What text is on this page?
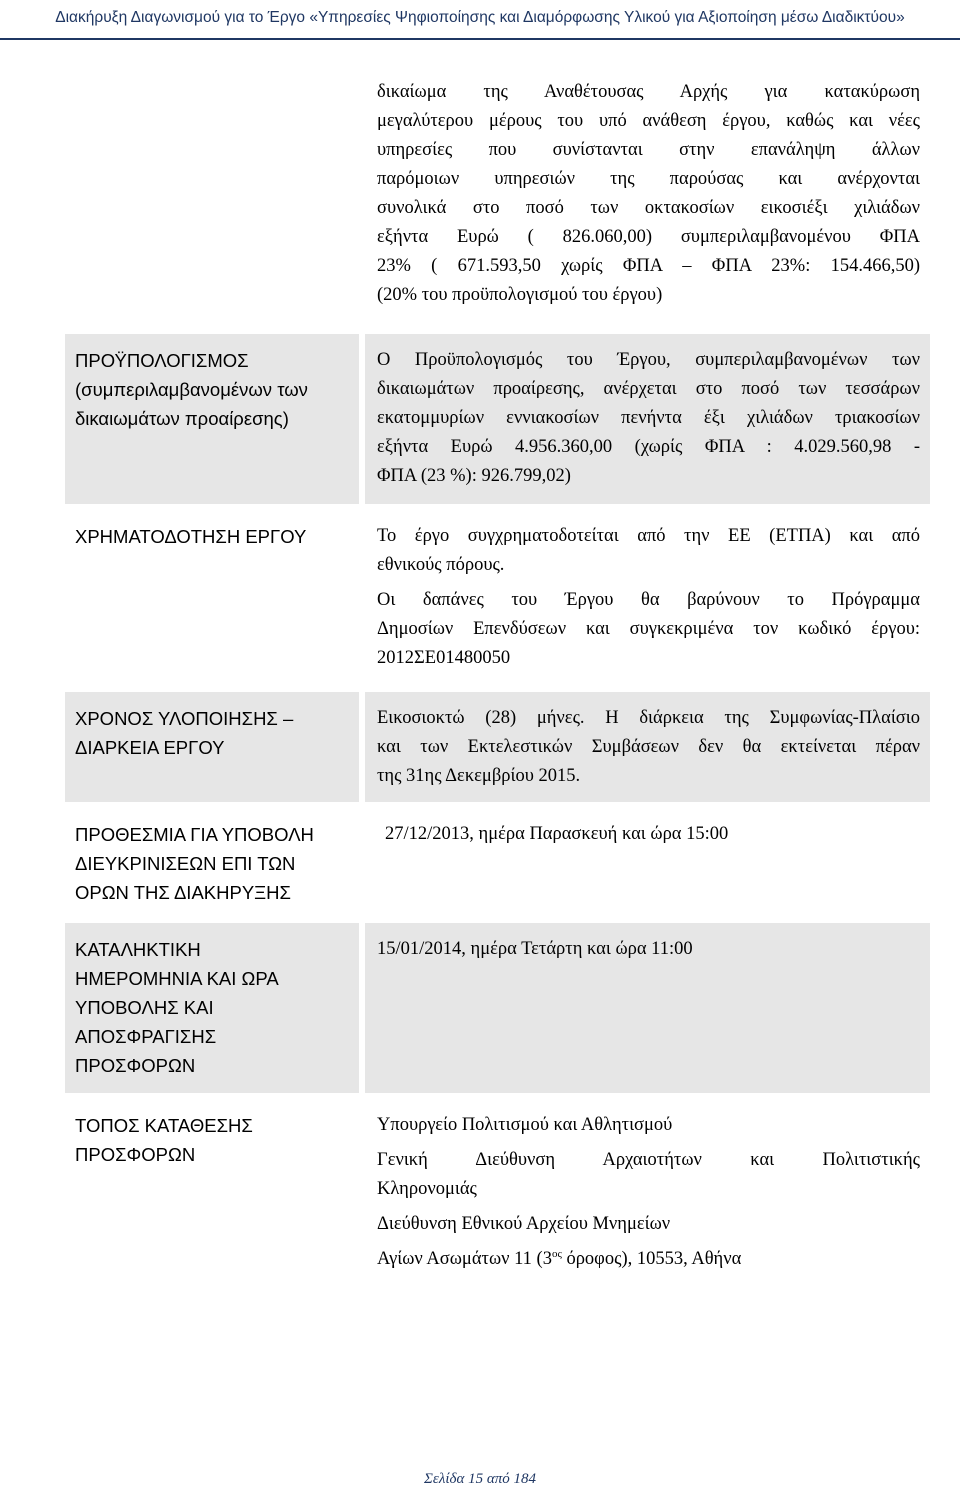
Διακήρυξη Διαγωνισμού για το Έργο «Υπηρεσίες Ψηφιοποίησης και Διαμόρφωσης Υλικού για Αξιοποίηση μέσω Διαδικτύου»
δικαίωμα της Αναθέτουσας Αρχής για κατακύρωση
μεγαλύτερου μέρους του υπό ανάθεση έργου, καθώς και νέες
υπηρεσίες που συνίστανται στην επανάληψη άλλων
παρόμοιων υπηρεσιών της παρούσας και ανέρχονται
συνολικά στο ποσό των οκτακοσίων εικοσιέξι χιλιάδων
εξήντα Ευρώ ( 826.060,00) συμπεριλαμβανομένου ΦΠΑ
23% ( 671.593,50 χωρίς ΦΠΑ – ΦΠΑ 23%: 154.466,50)
(20% του προϋπολογισμού του έργου)
ΠΡΟΫΠΟΛΟΓΙΣΜΟΣ
(συμπεριλαμβανομένων των
δικαιωμάτων προαίρεσης)
Ο Προϋπολογισμός του Έργου, συμπεριλαμβανομένων των
δικαιωμάτων προαίρεσης, ανέρχεται στο ποσό των τεσσάρων
εκατομμυρίων εννιακοσίων πενήντα έξι χιλιάδων τριακοσίων
εξήντα Ευρώ 4.956.360,00 (χωρίς ΦΠΑ : 4.029.560,98 -
ΦΠΑ (23 %): 926.799,02)
ΧΡΗΜΑΤΟΔΟΤΗΣΗ ΕΡΓΟΥ	Το έργο συγχρηματοδοτείται από την ΕΕ (ΕΤΠΑ) και από
εθνικούς πόρους.

Οι δαπάνες του Έργου θα βαρύνουν το Πρόγραμμα
Δημοσίων Επενδύσεων και συγκεκριμένα τον κωδικό έργου:
2012ΣΕ01480050

ΧΡΟΝΟΣ ΥΛΟΠΟΙΗΣΗΣ –
ΔΙΑΡΚΕΙΑ ΕΡΓΟΥ
Εικοσιοκτώ (28) μήνες. Η διάρκεια της Συμφωνίας-Πλαίσιο
και των Εκτελεστικών Συμβάσεων δεν θα εκτείνεται πέραν
της 31ης Δεκεμβρίου 2015.
ΠΡΟΘΕΣΜΙΑ ΓΙΑ ΥΠΟΒΟΛΗ
ΔΙΕΥΚΡΙΝΙΣΕΩΝ ΕΠΙ ΤΩΝ
ΟΡΩΝ ΤΗΣ ΔΙΑΚΗΡΥΞΗΣ
27/12/2013, ημέρα Παρασκευή και ώρα 15:00
ΚΑΤΑΛΗΚΤΙΚΗ
ΗΜΕΡΟΜΗΝΙΑ ΚΑΙ ΩΡΑ
ΥΠΟΒΟΛΗΣ ΚΑΙ
ΑΠΟΣΦΡΑΓΙΣΗΣ
ΠΡΟΣΦΟΡΩΝ
15/01/2014, ημέρα Τετάρτη και ώρα 11:00
ΤΟΠΟΣ ΚΑΤΑΘΕΣΗΣ
ΠΡΟΣΦΟΡΩΝ

Υπουργείο Πολιτισμού και Αθλητισμού

Γενική Διεύθυνση Αρχαιοτήτων και Πολιτιστικής
Κληρονομιάς

Διεύθυνση Εθνικού Αρχείου Μνημείων

Αγίων Ασωμάτων 11 ($3^{o\varsigma}$ όροφος), 10553, Αθήνα

Σελίδα 15 από 184
